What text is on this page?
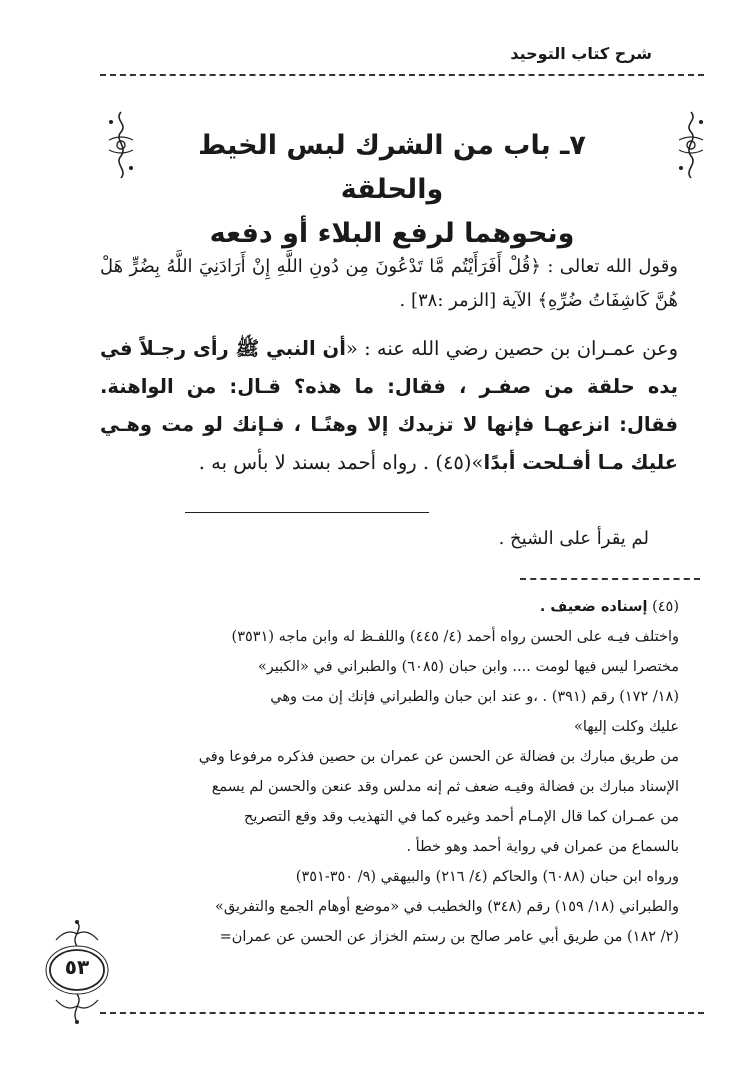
شرح كتاب التوحيد
٧ـ باب من الشرك لبس الخيط والحلقة
ونحوهما لرفع البلاء أو دفعه
وقول الله تعالى : ﴿قُلْ أَفَرَأَيْتُم مَّا تَدْعُونَ مِن دُونِ اللَّهِ إِنْ أَرَادَنِيَ اللَّهُ بِضُرٍّ هَلْ هُنَّ كَاشِفَاتُ ضُرِّهِ﴾ الآية [الزمر :٣٨] .
وعن عمـران بن حصين رضي الله عنه : «أن النبي ﷺ رأى رجـلاً في يده حلقة من صفـر ، فقال: ما هذه؟ قـال: من الواهنة. فقال: انزعهـا فإنها لا تزيدك إلا وهنًـا ، فـإنك لو مت وهـي عليك مـا أفـلحت أبدًا»(٤٥) . رواه أحمد بسند لا بأس به .
لم يقرأ على الشيخ .
(٤٥) إسناده ضعيف .
واختلف فيـه على الحسن رواه أحمد (٤/ ٤٤٥) واللفـظ له وابن ماجه (٣٥٣١)
مختصرا ليس فيها لومت .... وابن حبان (٦٠٨٥) والطبراني في «الكبير»
(١٨/ ١٧٢) رقم (٣٩١) . ،و عند ابن حبان والطبراني فإنك إن مت وهي
عليك وكلت إليها»
من طريق مبارك بن فضالة عن الحسن عن عمران بن حصين فذكره مرفوعا وفي
الإسناد مبارك بن فضالة وفيـه ضعف ثم إنه مدلس وقد عنعن والحسن لم يسمع
من عمـران كما قال الإمـام أحمد وغيره كما في التهذيب وقد وقع التصريح
بالسماع من عمران في رواية أحمد وهو خطأ .
ورواه ابن حبان (٦٠٨٨) والحاكم (٤/ ٢١٦) والبيهقي (٩/ ٣٥٠-٣٥١)
والطبراني (١٨/ ١٥٩) رقم (٣٤٨) والخطيب في «موضع أوهام الجمع والتفريق»
(٢/ ١٨٢) من طريق أبي عامر صالح بن رستم الخزاز عن الحسن عن عمران=
٥٣
